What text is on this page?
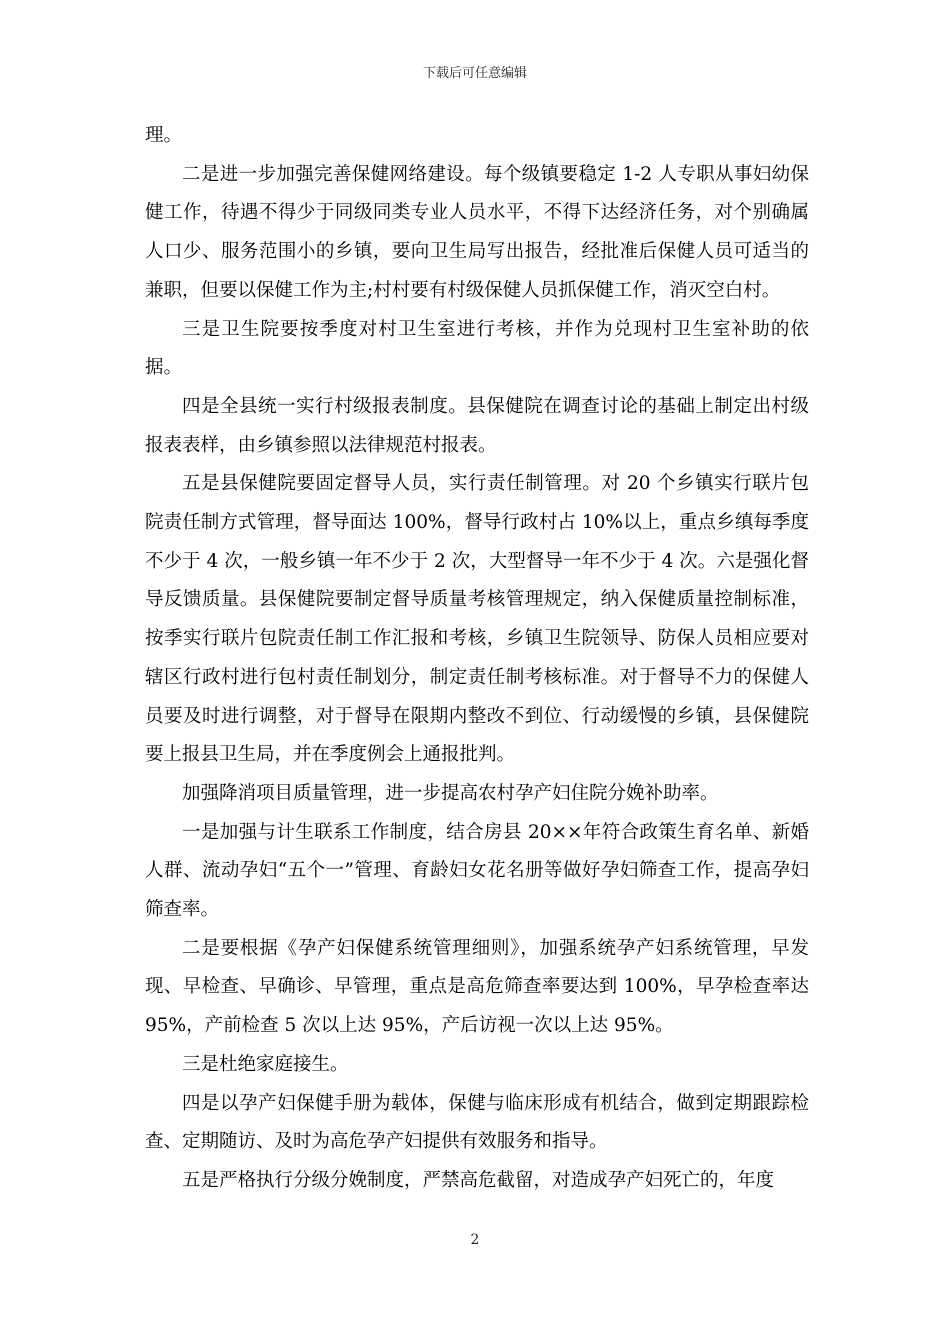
下载后可任意编辑

理。

二是进一步加强完善保健网络建设。每个级镇要稳定 1-2 人专职从事妇幼保健工作，待遇不得少于同级同类专业人员水平，不得下达经济任务，对个别确属人口少、服务范围小的乡镇，要向卫生局写出报告，经批准后保健人员可适当的兼职，但要以保健工作为主;村村要有村级保健人员抓保健工作，消灭空白村。

三是卫生院要按季度对村卫生室进行考核，并作为兑现村卫生室补助的依据。

四是全县统一实行村级报表制度。县保健院在调查讨论的基础上制定出村级报表表样，由乡镇参照以法律规范村报表。

五是县保健院要固定督导人员，实行责任制管理。对 20 个乡镇实行联片包院责任制方式管理，督导面达 100%，督导行政村占 10%以上，重点乡缜每季度不少于 4 次，一般乡镇一年不少于 2 次，大型督导一年不少于 4 次。六是强化督导反馈质量。县保健院要制定督导质量考核管理规定，纳入保健质量控制标准，按季实行联片包院责任制工作汇报和考核，乡镇卫生院领导、防保人员相应要对辖区行政村进行包村责任制划分，制定责任制考核标准。对于督导不力的保健人员要及时进行调整，对于督导在限期内整改不到位、行动缓慢的乡镇，县保健院要上报县卫生局，并在季度例会上通报批判。

加强降消项目质量管理，进一步提高农村孕产妇住院分娩补助率。

一是加强与计生联系工作制度，结合房县 20××年符合政策生育名单、新婚人群、流动孕妇“五个一”管理、育龄妇女花名册等做好孕妇筛查工作，提高孕妇筛查率。

二是要根据《孕产妇保健系统管理细则》，加强系统孕产妇系统管理，早发现、早检查、早确诊、早管理，重点是高危筛查率要达到 100%，早孕检查率达 95%，产前检查 5 次以上达 95%，产后访视一次以上达 95%。

三是杜绝家庭接生。

四是以孕产妇保健手册为载体，保健与临床形成有机结合，做到定期跟踪检查、定期随访、及时为高危孕产妇提供有效服务和指导。

五是严格执行分级分娩制度，严禁高危截留，对造成孕产妇死亡的，年度

2
